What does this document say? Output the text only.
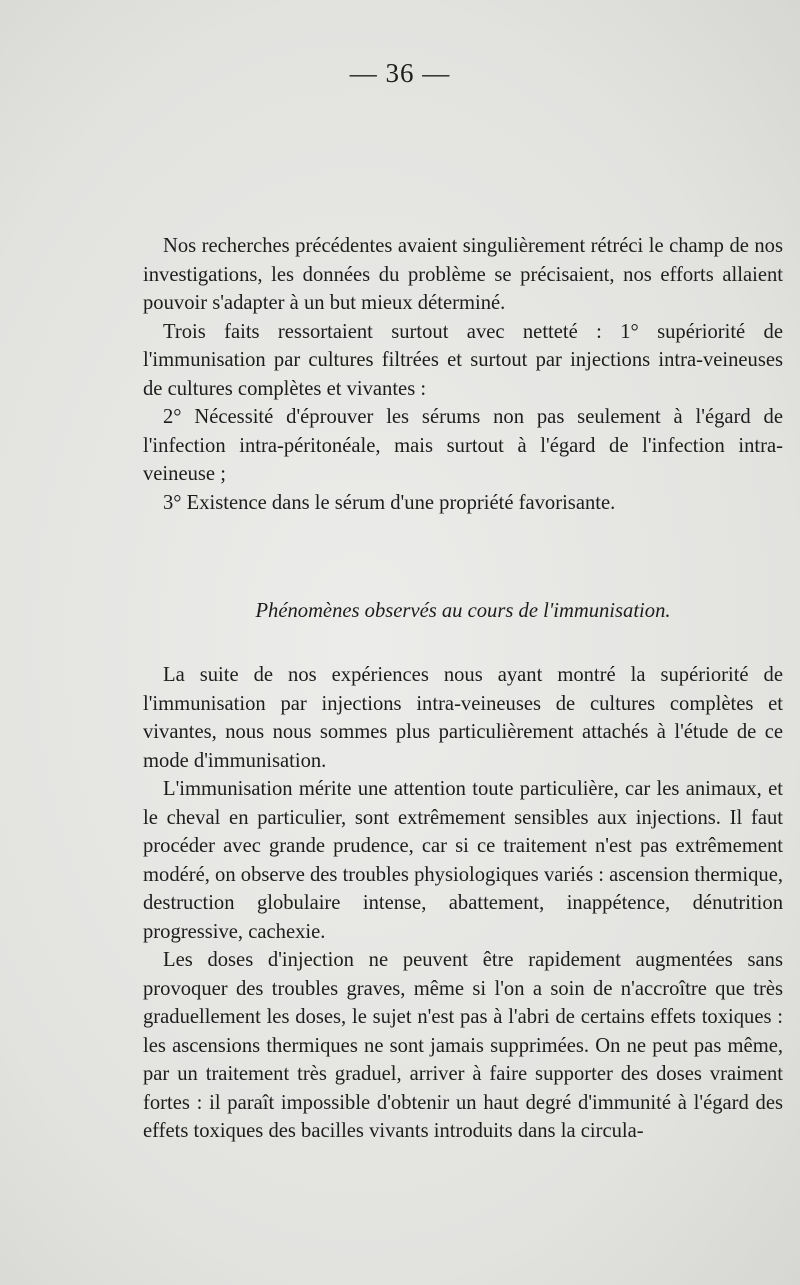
— 36 —

Nos recherches précédentes avaient singulièrement rétréci le champ de nos investigations, les données du problème se précisaient, nos efforts allaient pouvoir s'adapter à un but mieux déterminé.

Trois faits ressortaient surtout avec netteté : 1° supériorité de l'immunisation par cultures filtrées et surtout par injections intra-veineuses de cultures complètes et vivantes :

2° Nécessité d'éprouver les sérums non pas seulement à l'égard de l'infection intra-péritonéale, mais surtout à l'égard de l'infection intra-veineuse ;

3° Existence dans le sérum d'une propriété favorisante.

Phénomènes observés au cours de l'immunisation.

La suite de nos expériences nous ayant montré la supériorité de l'immunisation par injections intra-veineuses de cultures complètes et vivantes, nous nous sommes plus particulièrement attachés à l'étude de ce mode d'immunisation.

L'immunisation mérite une attention toute particulière, car les animaux, et le cheval en particulier, sont extrêmement sensibles aux injections. Il faut procéder avec grande prudence, car si ce traitement n'est pas extrêmement modéré, on observe des troubles physiologiques variés : ascension thermique, destruction globulaire intense, abattement, inappétence, dénutrition progressive, cachexie.

Les doses d'injection ne peuvent être rapidement augmentées sans provoquer des troubles graves, même si l'on a soin de n'accroître que très graduellement les doses, le sujet n'est pas à l'abri de certains effets toxiques : les ascensions thermiques ne sont jamais supprimées. On ne peut pas même, par un traitement très graduel, arriver à faire supporter des doses vraiment fortes : il paraît impossible d'obtenir un haut degré d'immunité à l'égard des effets toxiques des bacilles vivants introduits dans la circula-
